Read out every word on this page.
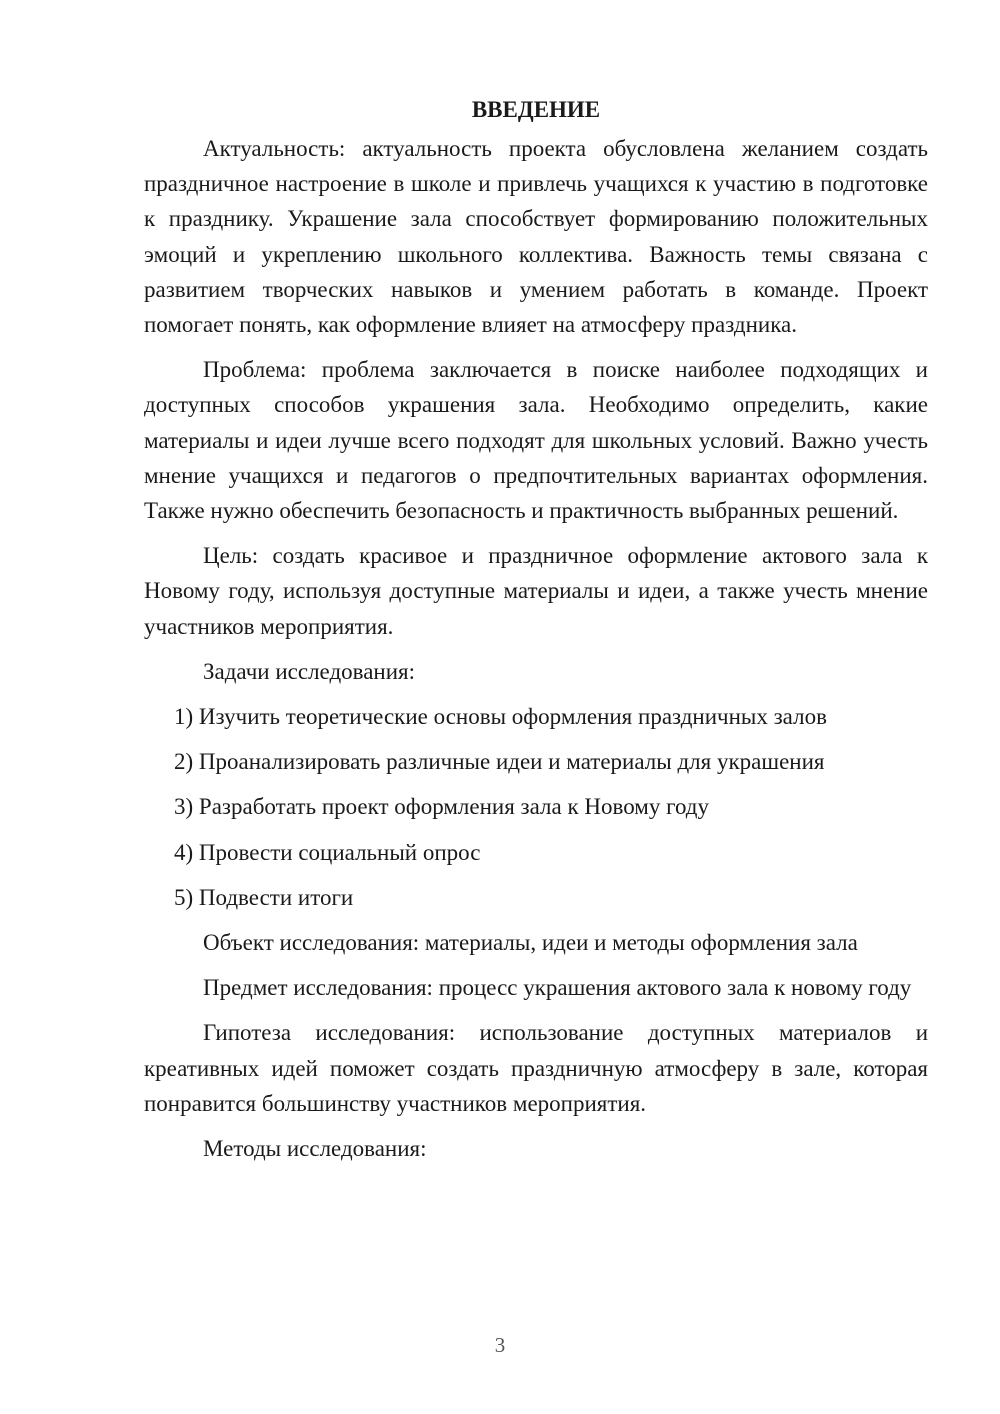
ВВЕДЕНИЕ

Актуальность: актуальность проекта обусловлена желанием создать праздничное настроение в школе и привлечь учащихся к участию в подготовке к празднику. Украшение зала способствует формированию положительных эмоций и укреплению школьного коллектива. Важность темы связана с развитием творческих навыков и умением работать в команде. Проект помогает понять, как оформление влияет на атмосферу праздника.

Проблема: проблема заключается в поиске наиболее подходящих и доступных способов украшения зала. Необходимо определить, какие материалы и идеи лучше всего подходят для школьных условий. Важно учесть мнение учащихся и педагогов о предпочтительных вариантах оформления. Также нужно обеспечить безопасность и практичность выбранных решений.

Цель: создать красивое и праздничное оформление актового зала к Новому году, используя доступные материалы и идеи, а также учесть мнение участников мероприятия.

Задачи исследования:

1) Изучить теоретические основы оформления праздничных залов

2) Проанализировать различные идеи и материалы для украшения

3) Разработать проект оформления зала к Новому году

4) Провести социальный опрос

5) Подвести итоги

Объект исследования: материалы, идеи и методы оформления зала

Предмет исследования: процесс украшения актового зала к новому году

Гипотеза исследования: использование доступных материалов и креативных идей поможет создать праздничную атмосферу в зале, которая понравится большинству участников мероприятия.

Методы исследования:

3
